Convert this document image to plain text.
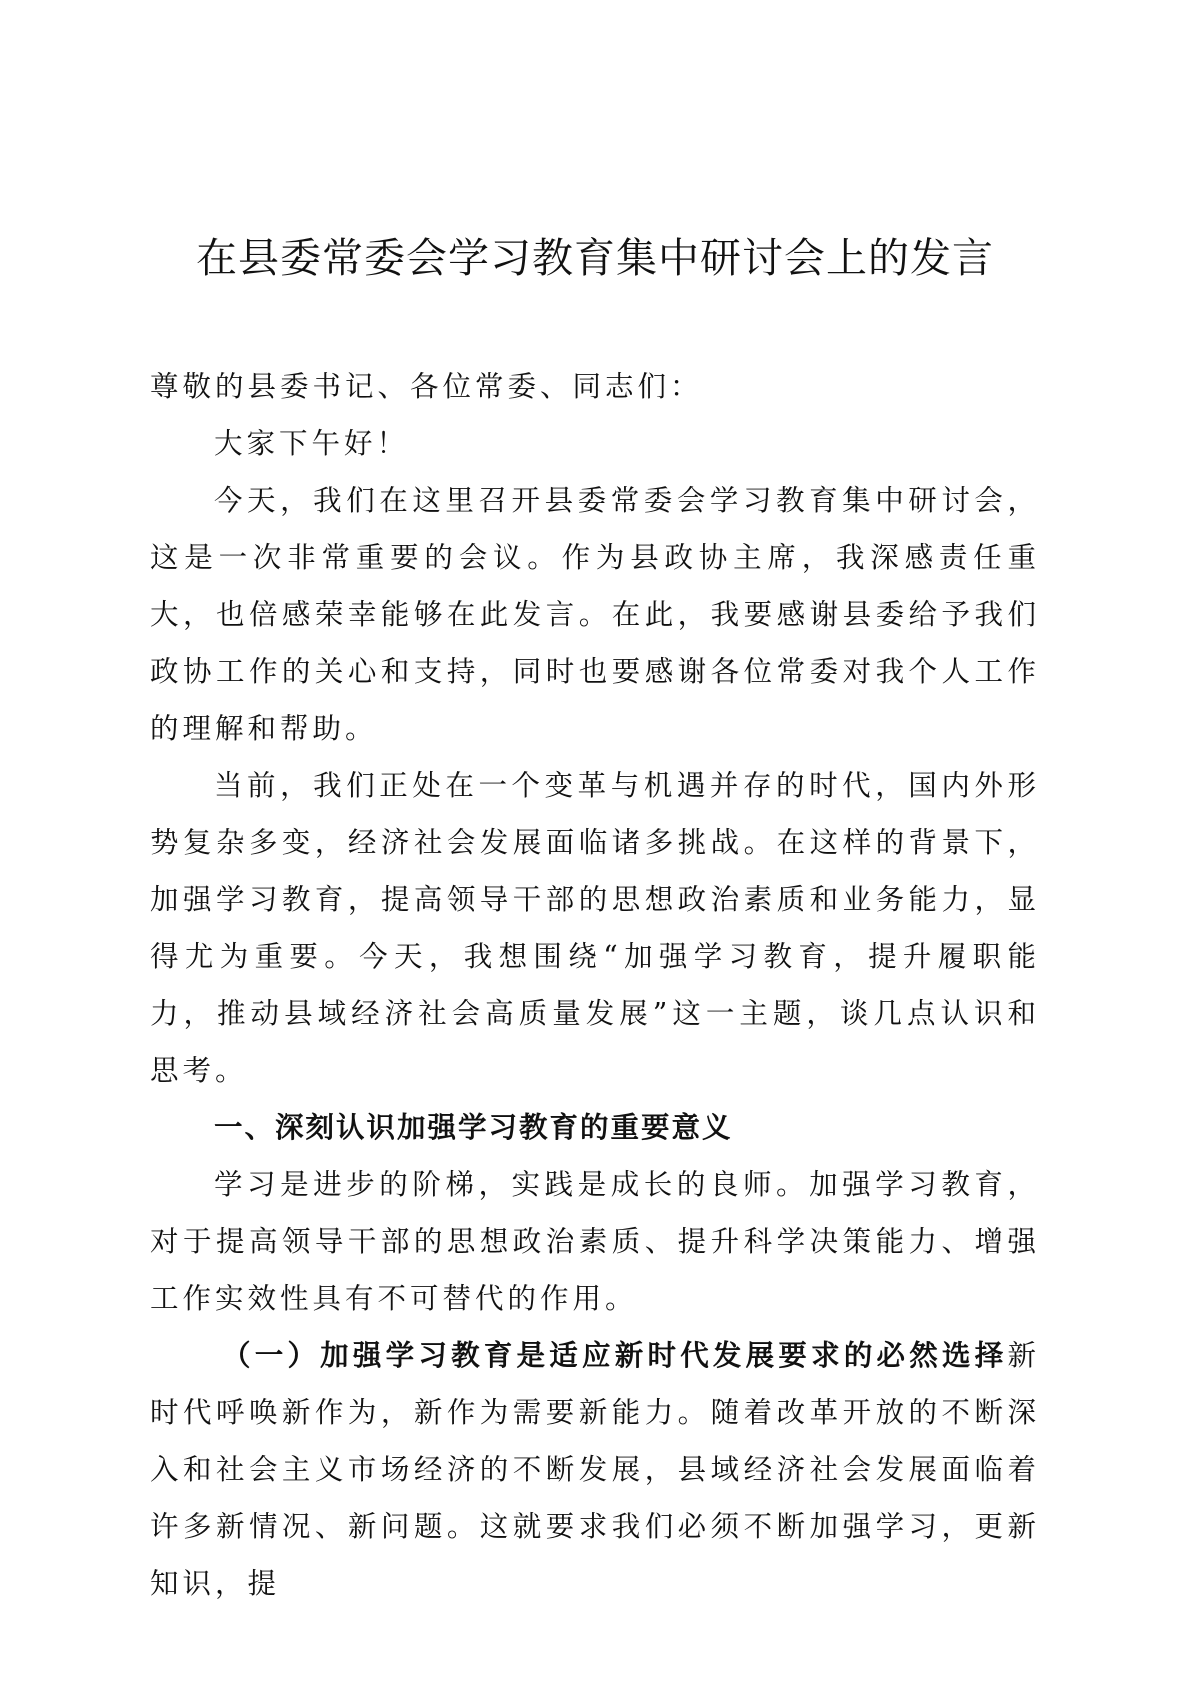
在县委常委会学习教育集中研讨会上的发言

尊敬的县委书记、各位常委、同志们：

大家下午好！

今天，我们在这里召开县委常委会学习教育集中研讨会，这是一次非常重要的会议。作为县政协主席，我深感责任重大，也倍感荣幸能够在此发言。在此，我要感谢县委给予我们政协工作的关心和支持，同时也要感谢各位常委对我个人工作的理解和帮助。

当前，我们正处在一个变革与机遇并存的时代，国内外形势复杂多变，经济社会发展面临诸多挑战。在这样的背景下，加强学习教育，提高领导干部的思想政治素质和业务能力，显得尤为重要。今天，我想围绕“加强学习教育，提升履职能力，推动县域经济社会高质量发展”这一主题，谈几点认识和思考。

一、深刻认识加强学习教育的重要意义

学习是进步的阶梯，实践是成长的良师。加强学习教育，对于提高领导干部的思想政治素质、提升科学决策能力、增强工作实效性具有不可替代的作用。

（一）加强学习教育是适应新时代发展要求的必然选择新时代呼唤新作为，新作为需要新能力。随着改革开放的不断深入和社会主义市场经济的不断发展，县域经济社会发展面临着许多新情况、新问题。这就要求我们必须不断加强学习，更新知识，提
